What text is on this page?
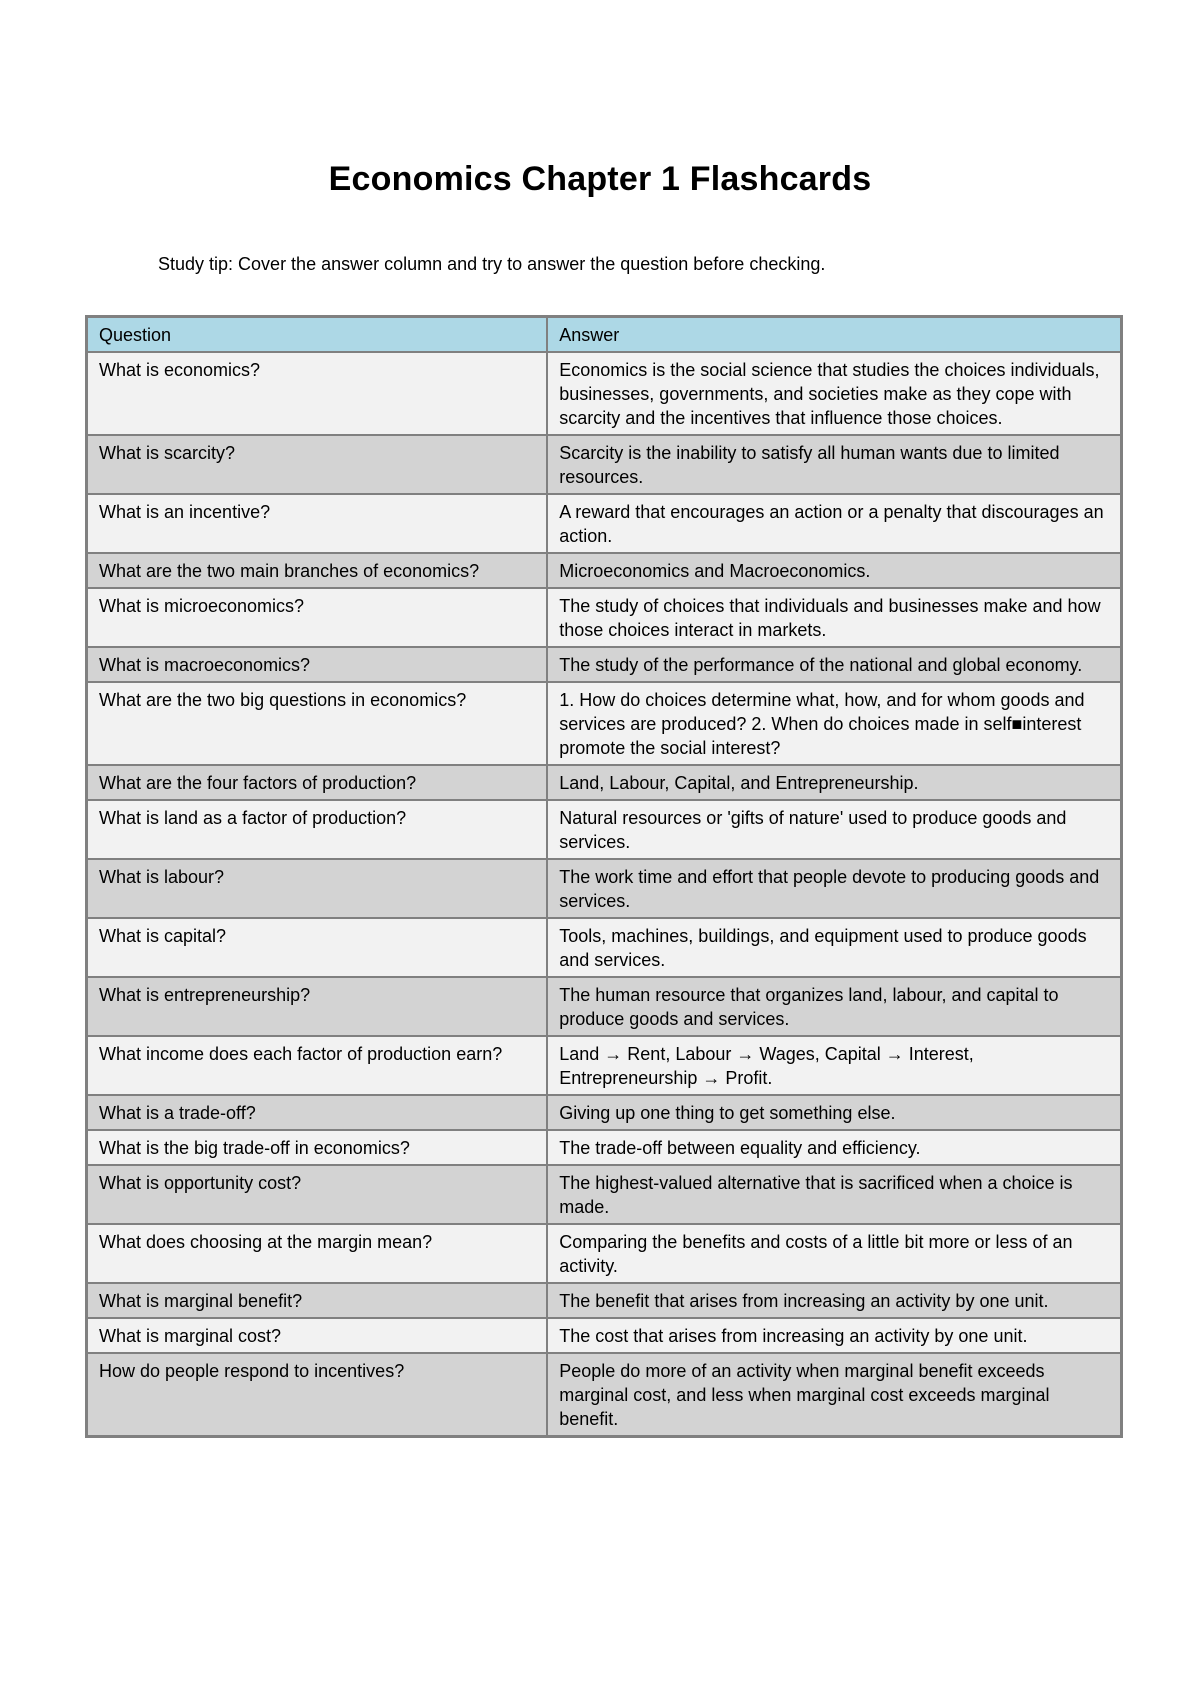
Economics Chapter 1 Flashcards
Study tip: Cover the answer column and try to answer the question before checking.
Question	Answer
What is economics?	Economics is the social science that studies the choices individuals, businesses, governments, and societies make as they cope with scarcity and the incentives that influence those choices.
What is scarcity?	Scarcity is the inability to satisfy all human wants due to limited resources.
What is an incentive?	A reward that encourages an action or a penalty that discourages an action.
What are the two main branches of economics?	Microeconomics and Macroeconomics.
What is microeconomics?	The study of choices that individuals and businesses make and how those choices interact in markets.
What is macroeconomics?	The study of the performance of the national and global economy.
What are the two big questions in economics?	1. How do choices determine what, how, and for whom goods and services are produced? 2. When do choices made in self■interest promote the social interest?
What are the four factors of production?	Land, Labour, Capital, and Entrepreneurship.
What is land as a factor of production?	Natural resources or 'gifts of nature' used to produce goods and services.
What is labour?	The work time and effort that people devote to producing goods and services.
What is capital?	Tools, machines, buildings, and equipment used to produce goods and services.
What is entrepreneurship?	The human resource that organizes land, labour, and capital to produce goods and services.
What income does each factor of production earn?	Land → Rent, Labour → Wages, Capital → Interest, Entrepreneurship → Profit.
What is a trade-off?	Giving up one thing to get something else.
What is the big trade-off in economics?	The trade-off between equality and efficiency.
What is opportunity cost?	The highest-valued alternative that is sacrificed when a choice is made.
What does choosing at the margin mean?	Comparing the benefits and costs of a little bit more or less of an activity.
What is marginal benefit?	The benefit that arises from increasing an activity by one unit.
What is marginal cost?	The cost that arises from increasing an activity by one unit.
How do people respond to incentives?	People do more of an activity when marginal benefit exceeds marginal cost, and less when marginal cost exceeds marginal benefit.
